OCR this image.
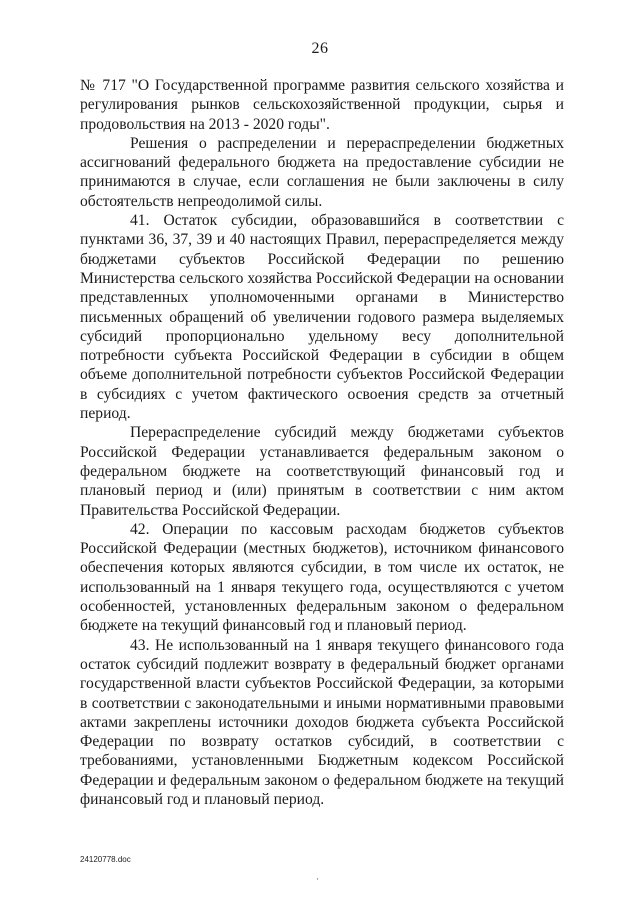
26

№ 717 "О Государственной программе развития сельского хозяйства и регулирования рынков сельскохозяйственной продукции, сырья и продовольствия на 2013 - 2020 годы".

Решения о распределении и перераспределении бюджетных ассигнований федерального бюджета на предоставление субсидии не принимаются в случае, если соглашения не были заключены в силу обстоятельств непреодолимой силы.

41. Остаток субсидии, образовавшийся в соответствии с пунктами 36, 37, 39 и 40 настоящих Правил, перераспределяется между бюджетами субъектов Российской Федерации по решению Министерства сельского хозяйства Российской Федерации на основании представленных уполномоченными органами в Министерство письменных обращений об увеличении годового размера выделяемых субсидий пропорционально удельному весу дополнительной потребности субъекта Российской Федерации в субсидии в общем объеме дополнительной потребности субъектов Российской Федерации в субсидиях с учетом фактического освоения средств за отчетный период.

Перераспределение субсидий между бюджетами субъектов Российской Федерации устанавливается федеральным законом о федеральном бюджете на соответствующий финансовый год и плановый период и (или) принятым в соответствии с ним актом Правительства Российской Федерации.

42. Операции по кассовым расходам бюджетов субъектов Российской Федерации (местных бюджетов), источником финансового обеспечения которых являются субсидии, в том числе их остаток, не использованный на 1 января текущего года, осуществляются с учетом особенностей, установленных федеральным законом о федеральном бюджете на текущий финансовый год и плановый период.

43. Не использованный на 1 января текущего финансового года остаток субсидий подлежит возврату в федеральный бюджет органами государственной власти субъектов Российской Федерации, за которыми в соответствии с законодательными и иными нормативными правовыми актами закреплены источники доходов бюджета субъекта Российской Федерации по возврату остатков субсидий, в соответствии с требованиями, установленными Бюджетным кодексом Российской Федерации и федеральным законом о федеральном бюджете на текущий финансовый год и плановый период.

24120778.doc
·
